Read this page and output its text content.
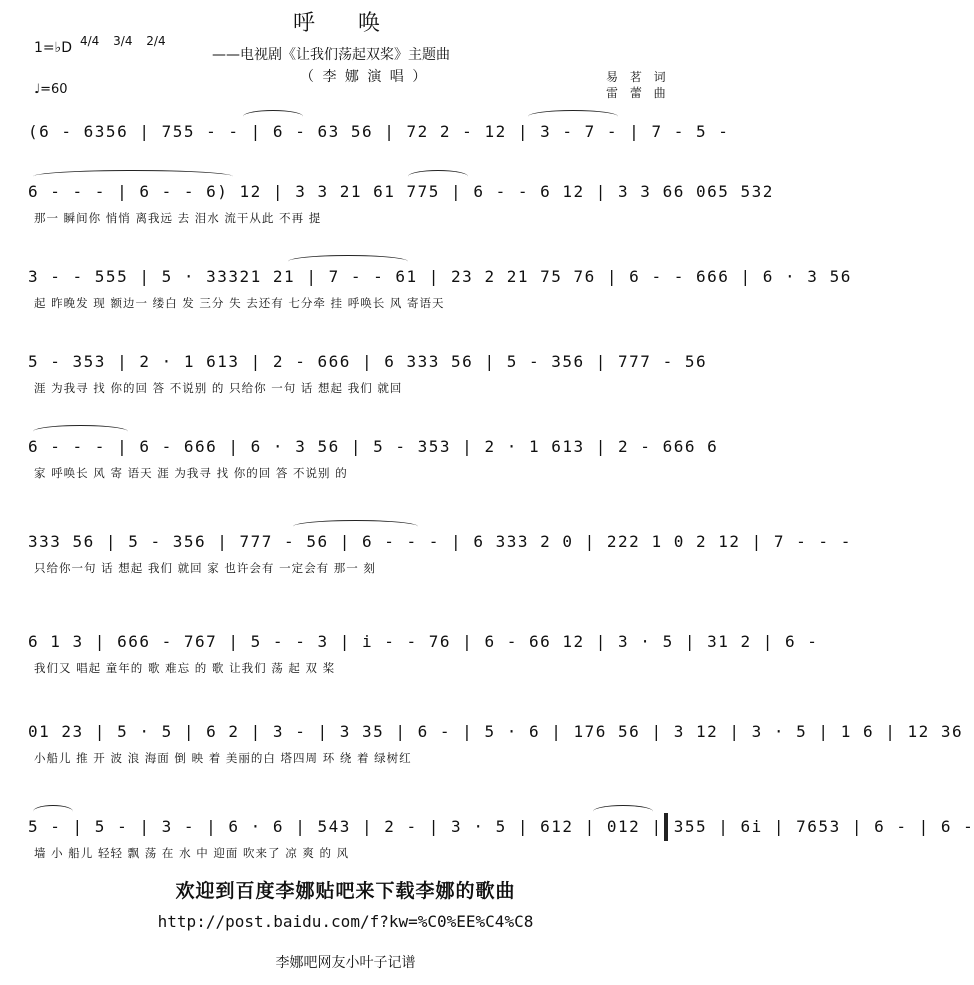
呼 唤
1=♭D 4/4 3/4 2/4
♩=60
——电视剧《让我们荡起双桨》主题曲
（ 李 娜 演 唱 ）	易 茗 词
雷 蕾 曲
(6 - 6356 | 755 - - | 6 - 63 56 | 72 2 - 12 | 3 - 7 - | 7 - 5 -
6 - - - | 6 - - 6) 12 | 3 3 21 61 775 | 6 - - 6 12 | 3 3 66 065 532
那一 瞬间你 悄悄 离我远 去 泪水 流干从此 不再 提
3 - - 555 | 5 · 33321 21 | 7 - - 61 | 23 2 21 75 76 | 6 - - 666 | 6 · 3 56
起 昨晚发 现 额边一 缕白 发 三分 失 去还有 七分牵 挂 呼唤长 风 寄语天
5 - 353 | 2 · 1 613 | 2 - 666 | 6 333 56 | 5 - 356 | 777 - 56
涯 为我寻 找 你的回 答 不说别 的 只给你 一句 话 想起 我们 就回
6 - - - | 6 - 666 | 6 · 3 56 | 5 - 353 | 2 · 1 613 | 2 - 666 6
家 呼唤长 风 寄 语天 涯 为我寻 找 你的回 答 不说别 的
333 56 | 5 - 356 | 777 - 56 | 6 - - - | 6 333 2 0 | 222 1 0 2 12 | 7 - - -
只给你一句 话 想起 我们 就回 家 也许会有 一定会有 那一 刻
6 1 3 | 666 - 767 | 5 - - 3 | i - - 76 | 6 - 66 12 | 3 · 5 | 31 2 | 6 -
我们又 唱起 童年的 歌 难忘 的 歌 让我们 荡 起 双 桨
01 23 | 5 · 5 | 6 2 | 3 - | 3 35 | 6 - | 5 · 6 | 176 56 | 3 12 | 3 · 5 | 1 6 | 12 36
小船儿 推 开 波 浪 海面 倒 映 着 美丽的白 塔四周 环 绕 着 绿树红
5 - | 5 - | 3 - | 6 · 6 | 543 | 2 - | 3 · 5 | 612 | 012 | 355 | 6i | 7653 | 6 - | 6 -
墙 小 船儿 轻轻 飘 荡 在 水 中 迎面 吹来了 凉 爽 的 风
欢迎到百度李娜贴吧来下载李娜的歌曲
http://post.baidu.com/f?kw=%C0%EE%C4%C8
李娜吧网友小叶子记谱
